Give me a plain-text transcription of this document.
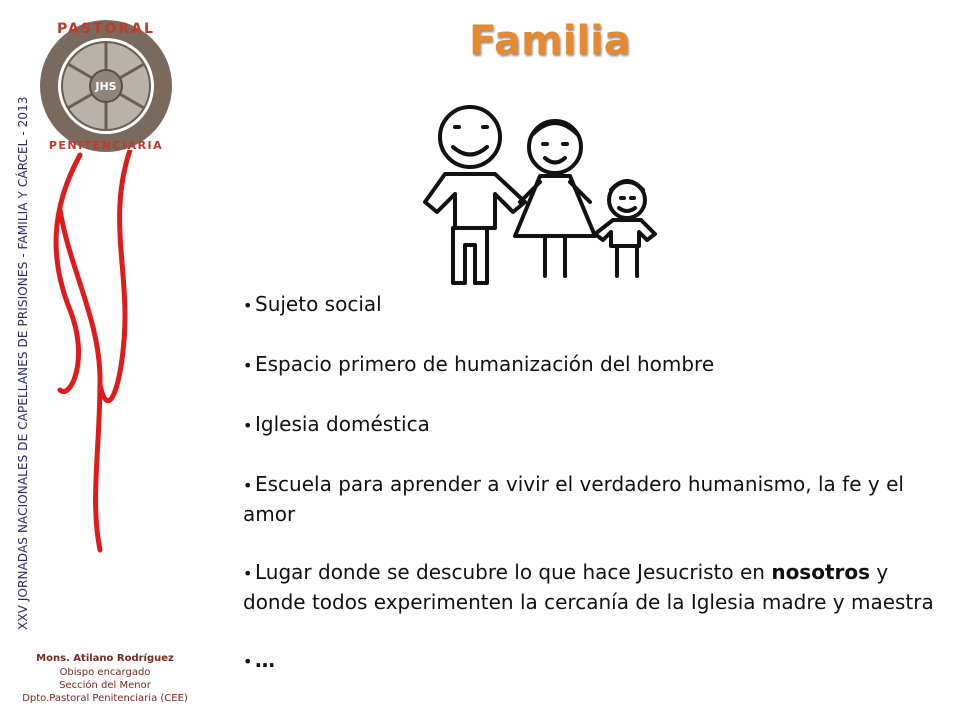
JHS
PASTORAL
PENITENCIARIA
XXV JORNADAS NACIONALES DE CAPELLANES DE PRISIONES - FAMILIA Y CÁRCEL - 2013
Familia
• Sujeto social
• Espacio primero de humanización del hombre
• Iglesia doméstica
• Escuela para aprender a vivir el verdadero humanismo, la fe y el amor
• Lugar donde se descubre lo que hace Jesucristo en nosotros y donde todos experimenten la cercanía de la Iglesia madre y maestra
• …
Mons. Atilano Rodríguez
Obispo encargado
Sección del Menor
Dpto.Pastoral Penitenciaria (CEE)
